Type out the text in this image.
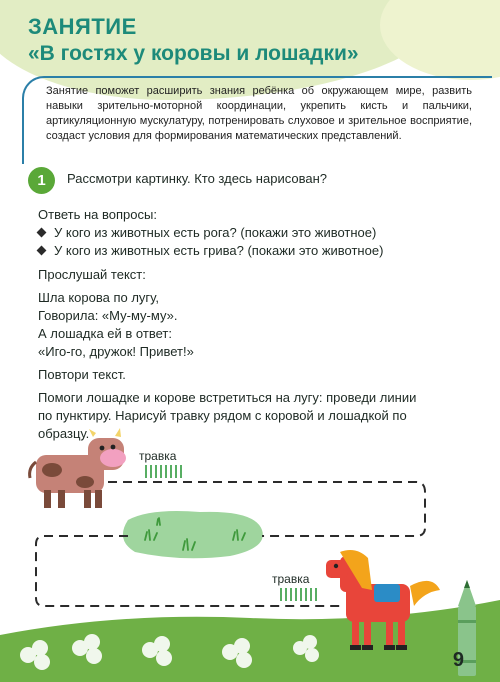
ЗАНЯТИЕ
«В гостях у коровы и лошадки»
Занятие поможет расширить знания ребёнка об окружающем мире, развить навыки зрительно-моторной координации, укрепить кисть и пальчики, артикуляционную мускулатуру, потренировать слуховое и зрительное восприятие, создаст условия для формирования математических представлений.
1	Рассмотри картинку. Кто здесь нарисован?
Ответь на вопросы:
У кого из животных есть рога? (покажи это животное)
У кого из животных есть грива? (покажи это животное)
Прослушай текст:
Шла корова по лугу,
Говорила: «Му-му-му».
А лошадка ей в ответ:
«Иго-го, дружок! Привет!»
Повтори текст.
Помоги лошадке и корове встретиться на лугу: проведи линии
по пунктиру. Нарисуй травку рядом с коровой и лошадкой по
образцу.
травка
травка
9
